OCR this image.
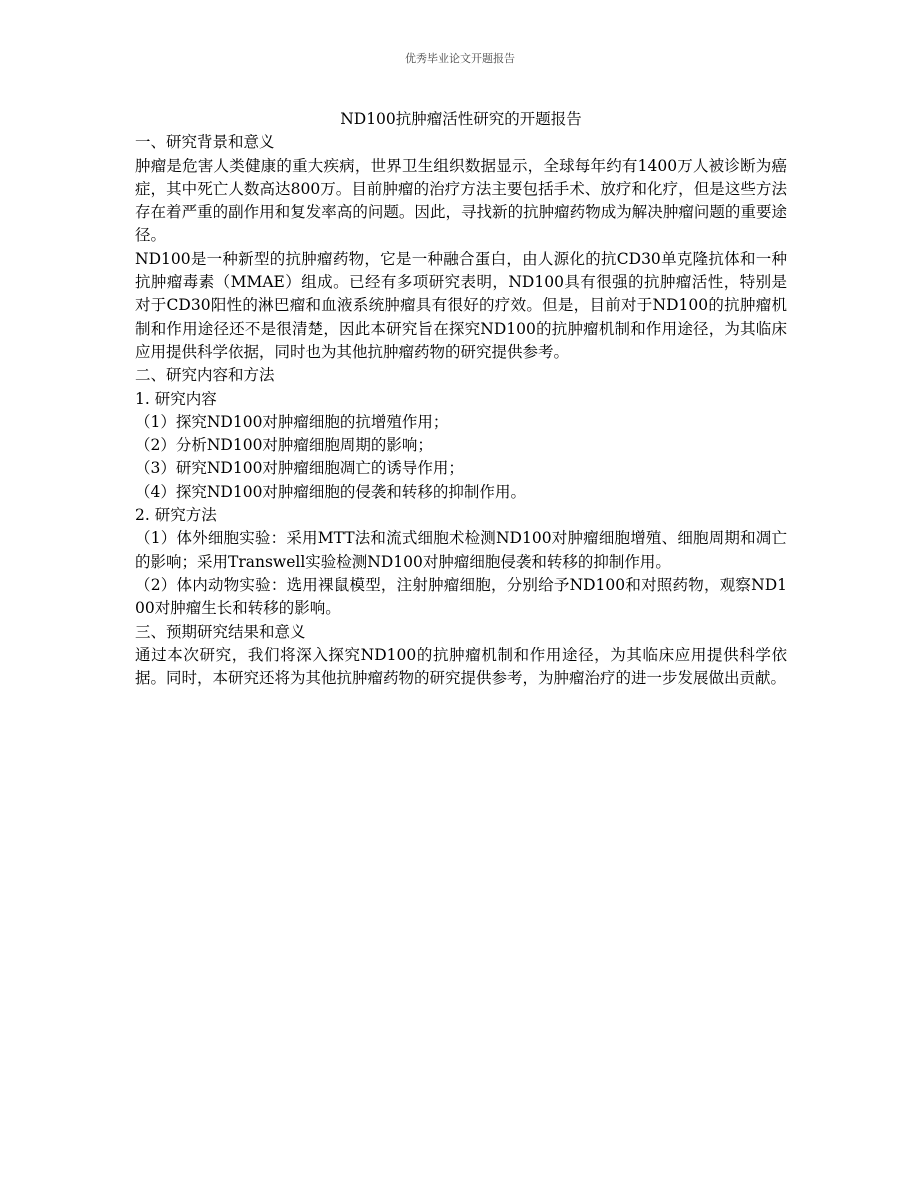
优秀毕业论文开题报告
ND100抗肿瘤活性研究的开题报告

一、研究背景和意义

肿瘤是危害人类健康的重大疾病，世界卫生组织数据显示，全球每年约有1400万人被诊断为癌症，其中死亡人数高达800万。目前肿瘤的治疗方法主要包括手术、放疗和化疗，但是这些方法存在着严重的副作用和复发率高的问题。因此，寻找新的抗肿瘤药物成为解决肿瘤问题的重要途径。

ND100是一种新型的抗肿瘤药物，它是一种融合蛋白，由人源化的抗CD30单克隆抗体和一种抗肿瘤毒素（MMAE）组成。已经有多项研究表明，ND100具有很强的抗肿瘤活性，特别是对于CD30阳性的淋巴瘤和血液系统肿瘤具有很好的疗效。但是，目前对于ND100的抗肿瘤机制和作用途径还不是很清楚，因此本研究旨在探究ND100的抗肿瘤机制和作用途径，为其临床应用提供科学依据，同时也为其他抗肿瘤药物的研究提供参考。

二、研究内容和方法

1. 研究内容

（1）探究ND100对肿瘤细胞的抗增殖作用；

（2）分析ND100对肿瘤细胞周期的影响；

（3）研究ND100对肿瘤细胞凋亡的诱导作用；

（4）探究ND100对肿瘤细胞的侵袭和转移的抑制作用。

2. 研究方法

（1）体外细胞实验：采用MTT法和流式细胞术检测ND100对肿瘤细胞增殖、细胞周期和凋亡的影响；采用Transwell实验检测ND100对肿瘤细胞侵袭和转移的抑制作用。

（2）体内动物实验：选用裸鼠模型，注射肿瘤细胞，分别给予ND100和对照药物，观察ND100对肿瘤生长和转移的影响。

三、预期研究结果和意义

通过本次研究，我们将深入探究ND100的抗肿瘤机制和作用途径，为其临床应用提供科学依据。同时，本研究还将为其他抗肿瘤药物的研究提供参考，为肿瘤治疗的进一步发展做出贡献。
